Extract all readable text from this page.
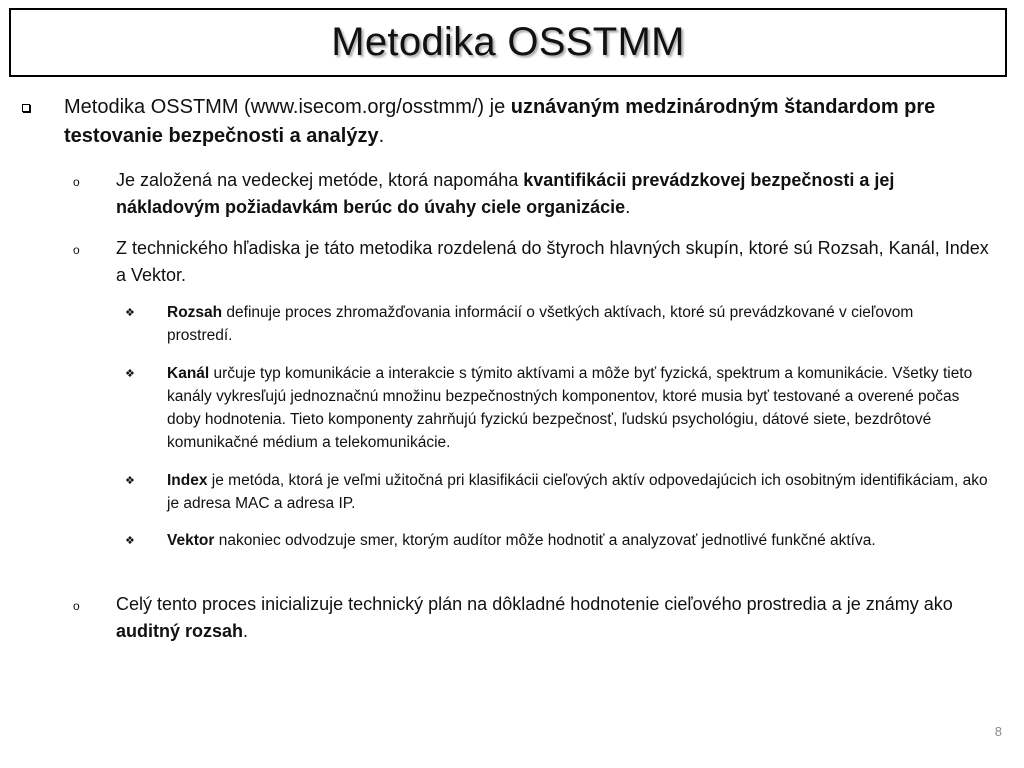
Metodika OSSTMM
Metodika OSSTMM (www.isecom.org/osstmm/) je uznávaným medzinárodným štandardom pre testovanie bezpečnosti a analýzy.
o Je založená na vedeckej metóde, ktorá napomáha kvantifikácii prevádzkovej bezpečnosti a jej nákladovým požiadavkám berúc do úvahy ciele organizácie.
o Z technického hľadiska je táto metodika rozdelená do štyroch hlavných skupín, ktoré sú Rozsah, Kanál, Index a Vektor.
❖ Rozsah definuje proces zhromažďovania informácií o všetkých aktívach, ktoré sú prevádzkované v cieľovom prostredí.
❖ Kanál určuje typ komunikácie a interakcie s týmito aktívami a môže byť fyzická, spektrum a komunikácie. Všetky tieto kanály vykresľujú jednoznačnú množinu bezpečnostných komponentov, ktoré musia byť testované a overené počas doby hodnotenia. Tieto komponenty zahrňujú fyzickú bezpečnosť, ľudskú psychológiu, dátové siete, bezdrôtové komunikačné médium a telekomunikácie.
❖ Index je metóda, ktorá je veľmi užitočná pri klasifikácii cieľových aktív odpovedajúcich ich osobitným identifikáciam, ako je adresa MAC a adresa IP.
❖ Vektor nakoniec odvodzuje smer, ktorým audítor môže hodnotiť a analyzovať jednotlivé funkčné aktíva.
o Celý tento proces inicializuje technický plán na dôkladné hodnotenie cieľového prostredia a je známy ako auditný rozsah.
8
